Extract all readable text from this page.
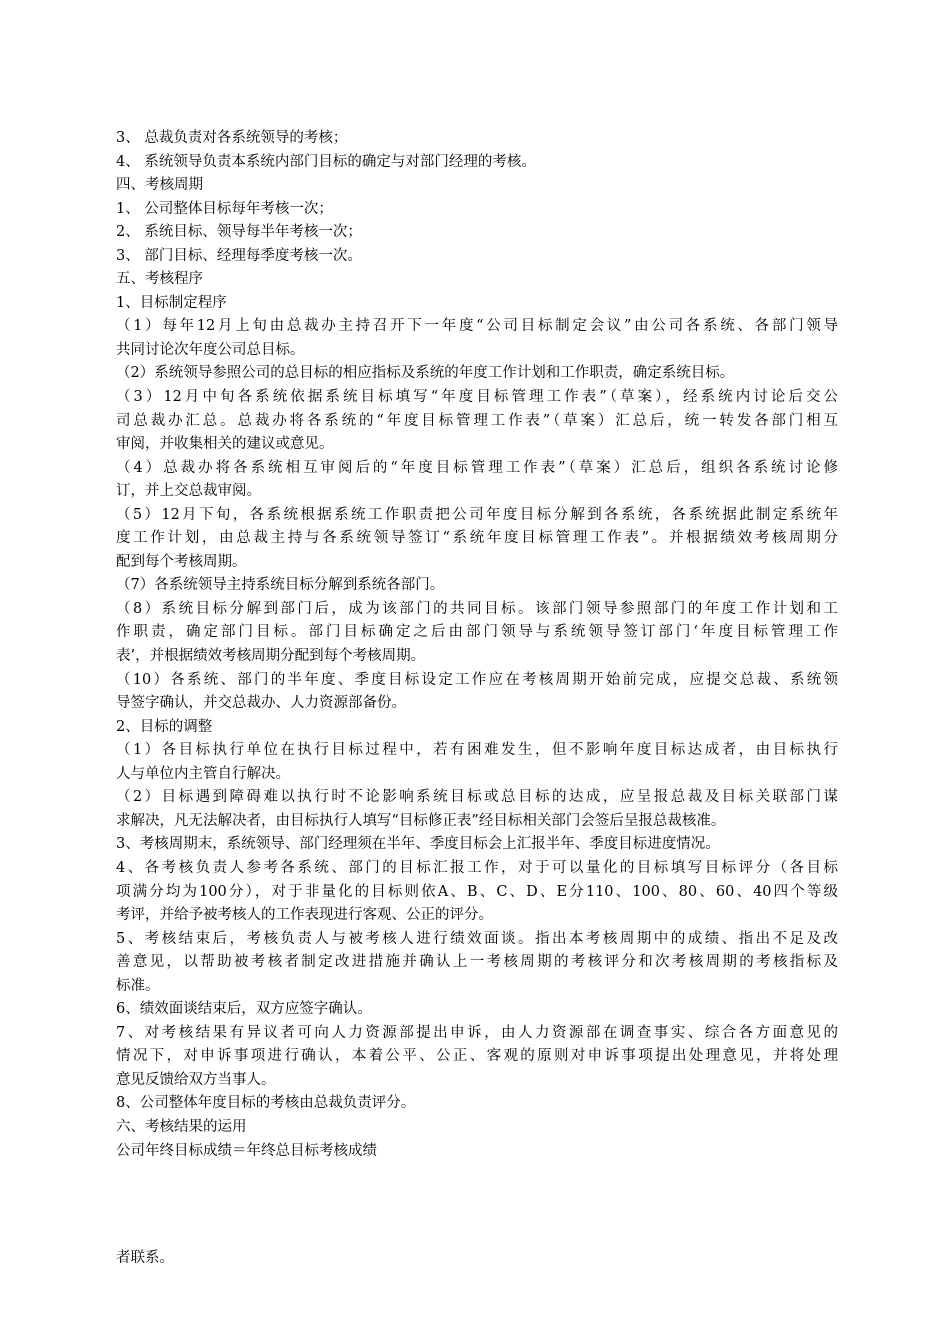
3、 总裁负责对各系统领导的考核；
4、 系统领导负责本系统内部门目标的确定与对部门经理的考核。
四、考核周期
1、 公司整体目标每年考核一次；
2、 系统目标、领导每半年考核一次；
3、 部门目标、经理每季度考核一次。
五、考核程序
1、目标制定程序
（1）每年12月上旬由总裁办主持召开下一年度“公司目标制定会议”由公司各系统、各部门领导
共同讨论次年度公司总目标。
（2）系统领导参照公司的总目标的相应指标及系统的年度工作计划和工作职责，确定系统目标。
（3）12月中旬各系统依据系统目标填写“年度目标管理工作表”（草案），经系统内讨论后交公
司总裁办汇总。总裁办将各系统的“年度目标管理工作表”（草案）汇总后，统一转发各部门相互
审阅，并收集相关的建议或意见。
（4）总裁办将各系统相互审阅后的“年度目标管理工作表”（草案）汇总后，组织各系统讨论修
订，并上交总裁审阅。
（5）12月下旬，各系统根据系统工作职责把公司年度目标分解到各系统，各系统据此制定系统年
度工作计划，由总裁主持与各系统领导签订“系统年度目标管理工作表”。并根据绩效考核周期分
配到每个考核周期。
（7）各系统领导主持系统目标分解到系统各部门。
（8）系统目标分解到部门后，成为该部门的共同目标。该部门领导参照部门的年度工作计划和工
作职责，确定部门目标。部门目标确定之后由部门领导与系统领导签订部门‘年度目标管理工作
表’，并根据绩效考核周期分配到每个考核周期。
（10）各系统、部门的半年度、季度目标设定工作应在考核周期开始前完成，应提交总裁、系统领
导签字确认，并交总裁办、人力资源部备份。
2、目标的调整
（1）各目标执行单位在执行目标过程中，若有困难发生，但不影响年度目标达成者，由目标执行
人与单位内主管自行解决。
（2）目标遇到障碍难以执行时不论影响系统目标或总目标的达成，应呈报总裁及目标关联部门谋
求解决，凡无法解决者，由目标执行人填写“目标修正表”经目标相关部门会签后呈报总裁核准。
3、考核周期末，系统领导、部门经理须在半年、季度目标会上汇报半年、季度目标进度情况。
4、各考核负责人参考各系统、部门的目标汇报工作，对于可以量化的目标填写目标评分（各目标
项满分均为100分），对于非量化的目标则依A、B、C、D、E分110、100、80、60、40四个等级
考评，并给予被考核人的工作表现进行客观、公正的评分。
5、考核结束后，考核负责人与被考核人进行绩效面谈。指出本考核周期中的成绩、指出不足及改
善意见，以帮助被考核者制定改进措施并确认上一考核周期的考核评分和次考核周期的考核指标及
标准。
6、绩效面谈结束后，双方应签字确认。
7、对考核结果有异议者可向人力资源部提出申诉，由人力资源部在调查事实、综合各方面意见的
情况下，对申诉事项进行确认，本着公平、公正、客观的原则对申诉事项提出处理意见，并将处理
意见反馈给双方当事人。
8、公司整体年度目标的考核由总裁负责评分。
六、考核结果的运用
公司年终目标成绩＝年终总目标考核成绩
者联系。
